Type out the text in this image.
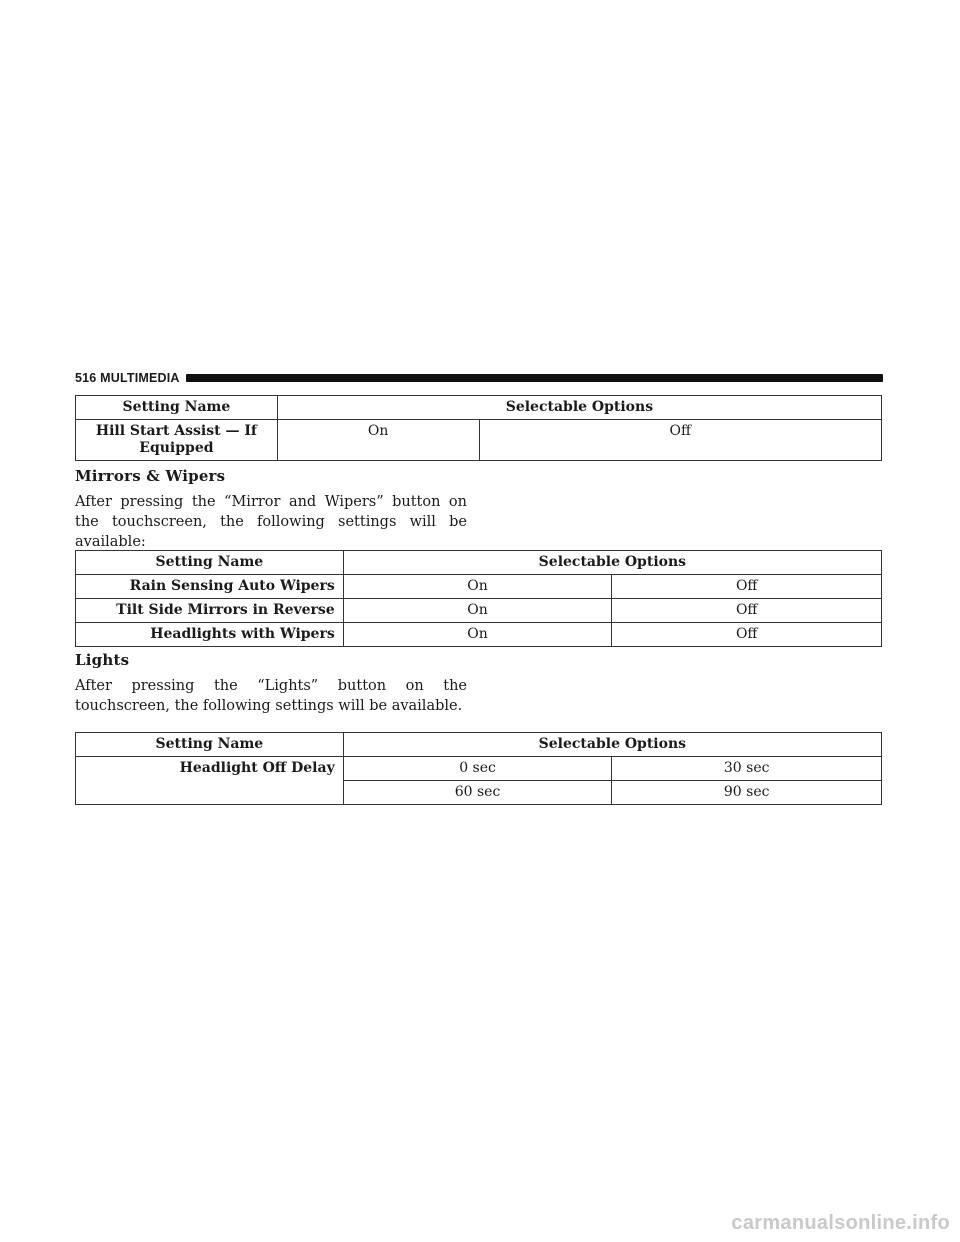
516 MULTIMEDIA
Setting Name	Selectable Options	
Hill Start Assist — If Equipped	On	Off
Mirrors & Wipers
After pressing the “Mirror and Wipers” button on the touchscreen, the following settings will be available:
Setting Name	Selectable Options	
Rain Sensing Auto Wipers	On	Off
Tilt Side Mirrors in Reverse	On	Off
Headlights with Wipers	On	Off
Lights
After pressing the “Lights” button on the touchscreen, the following settings will be available.
Setting Name	Selectable Options	
Headlight Off Delay	0 sec	30 sec
	60 sec	90 sec
carmanualsonline.info
